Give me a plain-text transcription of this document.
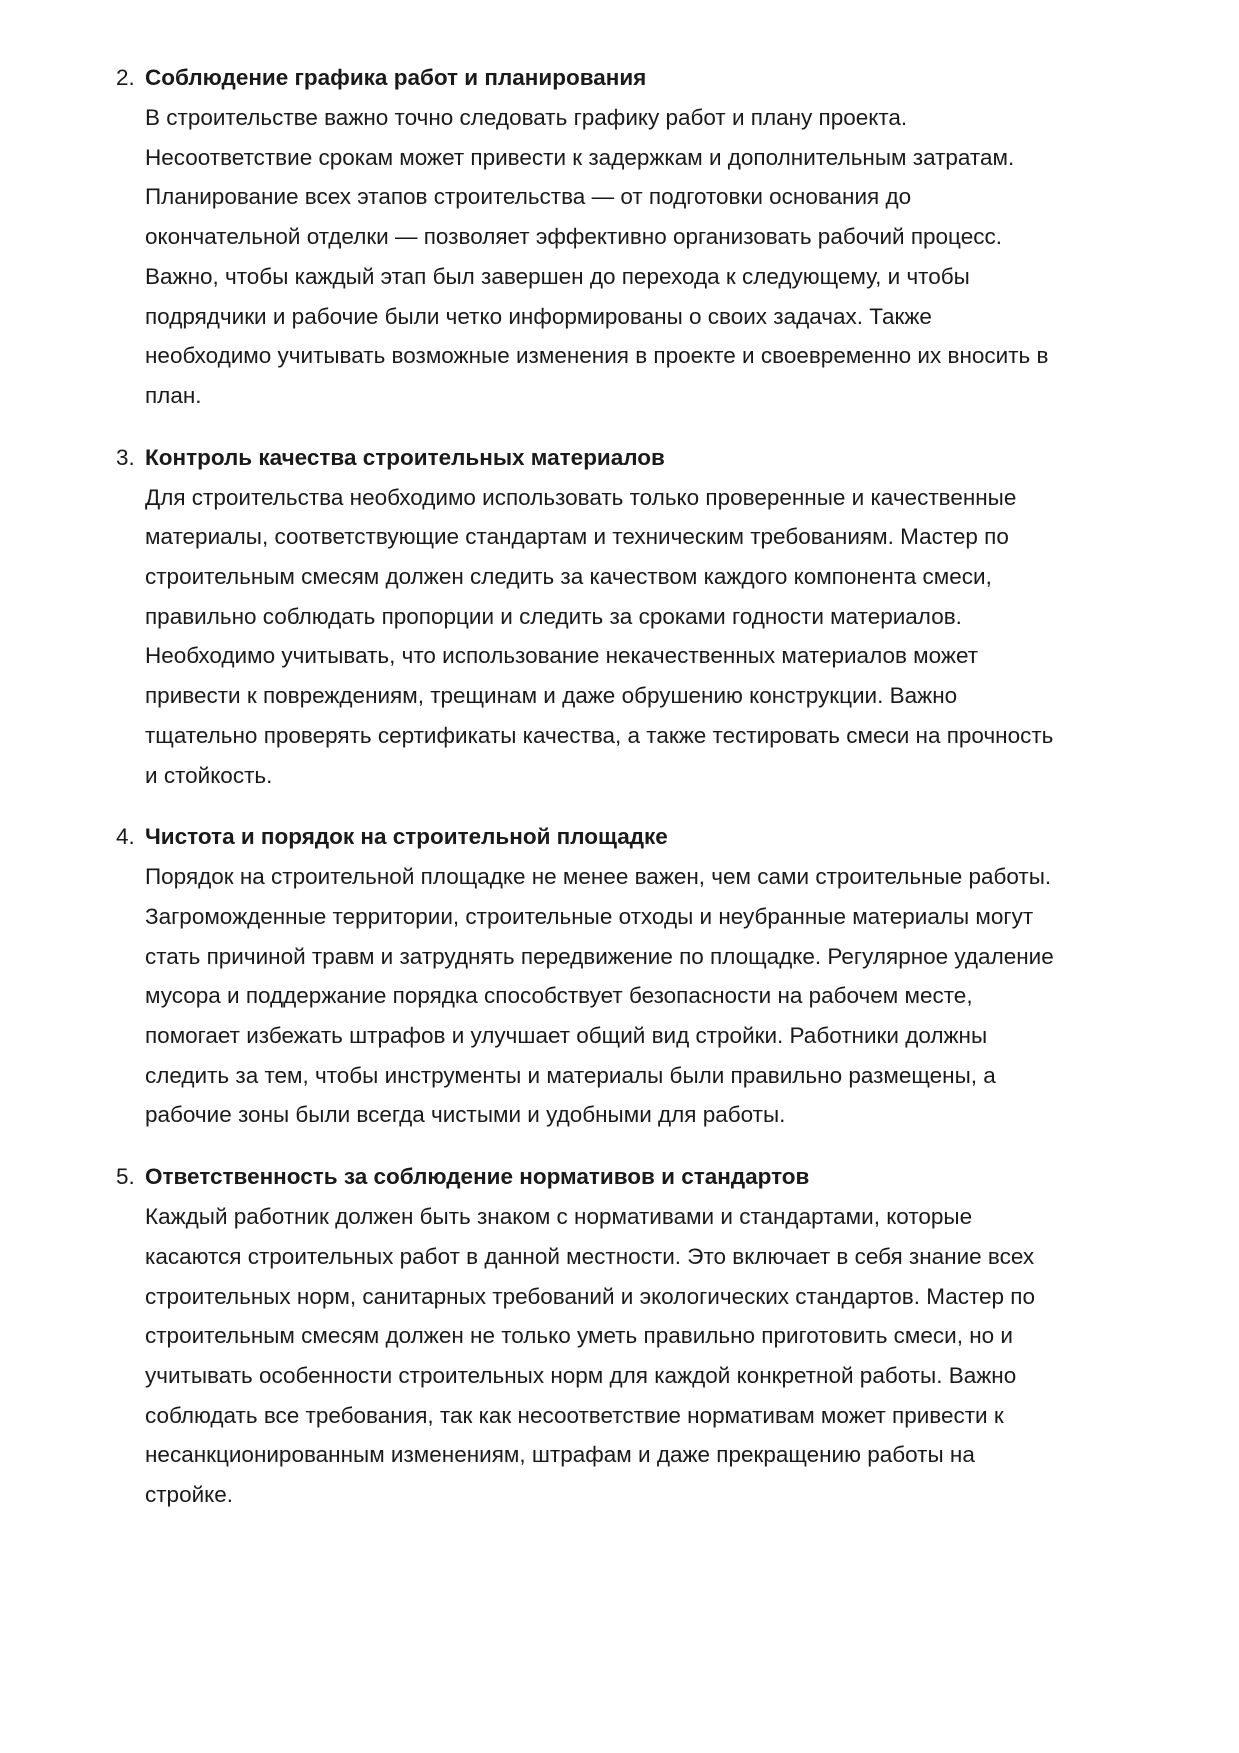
2. Соблюдение графика работ и планирования
В строительстве важно точно следовать графику работ и плану проекта.
Несоответствие срокам может привести к задержкам и дополнительным затратам.
Планирование всех этапов строительства — от подготовки основания до
окончательной отделки — позволяет эффективно организовать рабочий процесс.
Важно, чтобы каждый этап был завершен до перехода к следующему, и чтобы
подрядчики и рабочие были четко информированы о своих задачах. Также
необходимо учитывать возможные изменения в проекте и своевременно их вносить в
план.
3. Контроль качества строительных материалов
Для строительства необходимо использовать только проверенные и качественные
материалы, соответствующие стандартам и техническим требованиям. Мастер по
строительным смесям должен следить за качеством каждого компонента смеси,
правильно соблюдать пропорции и следить за сроками годности материалов.
Необходимо учитывать, что использование некачественных материалов может
привести к повреждениям, трещинам и даже обрушению конструкции. Важно
тщательно проверять сертификаты качества, а также тестировать смеси на прочность
и стойкость.
4. Чистота и порядок на строительной площадке
Порядок на строительной площадке не менее важен, чем сами строительные работы.
Загроможденные территории, строительные отходы и неубранные материалы могут
стать причиной травм и затруднять передвижение по площадке. Регулярное удаление
мусора и поддержание порядка способствует безопасности на рабочем месте,
помогает избежать штрафов и улучшает общий вид стройки. Работники должны
следить за тем, чтобы инструменты и материалы были правильно размещены, а
рабочие зоны были всегда чистыми и удобными для работы.
5. Ответственность за соблюдение нормативов и стандартов
Каждый работник должен быть знаком с нормативами и стандартами, которые
касаются строительных работ в данной местности. Это включает в себя знание всех
строительных норм, санитарных требований и экологических стандартов. Мастер по
строительным смесям должен не только уметь правильно приготовить смеси, но и
учитывать особенности строительных норм для каждой конкретной работы. Важно
соблюдать все требования, так как несоответствие нормативам может привести к
несанкционированным изменениям, штрафам и даже прекращению работы на
стройке.
